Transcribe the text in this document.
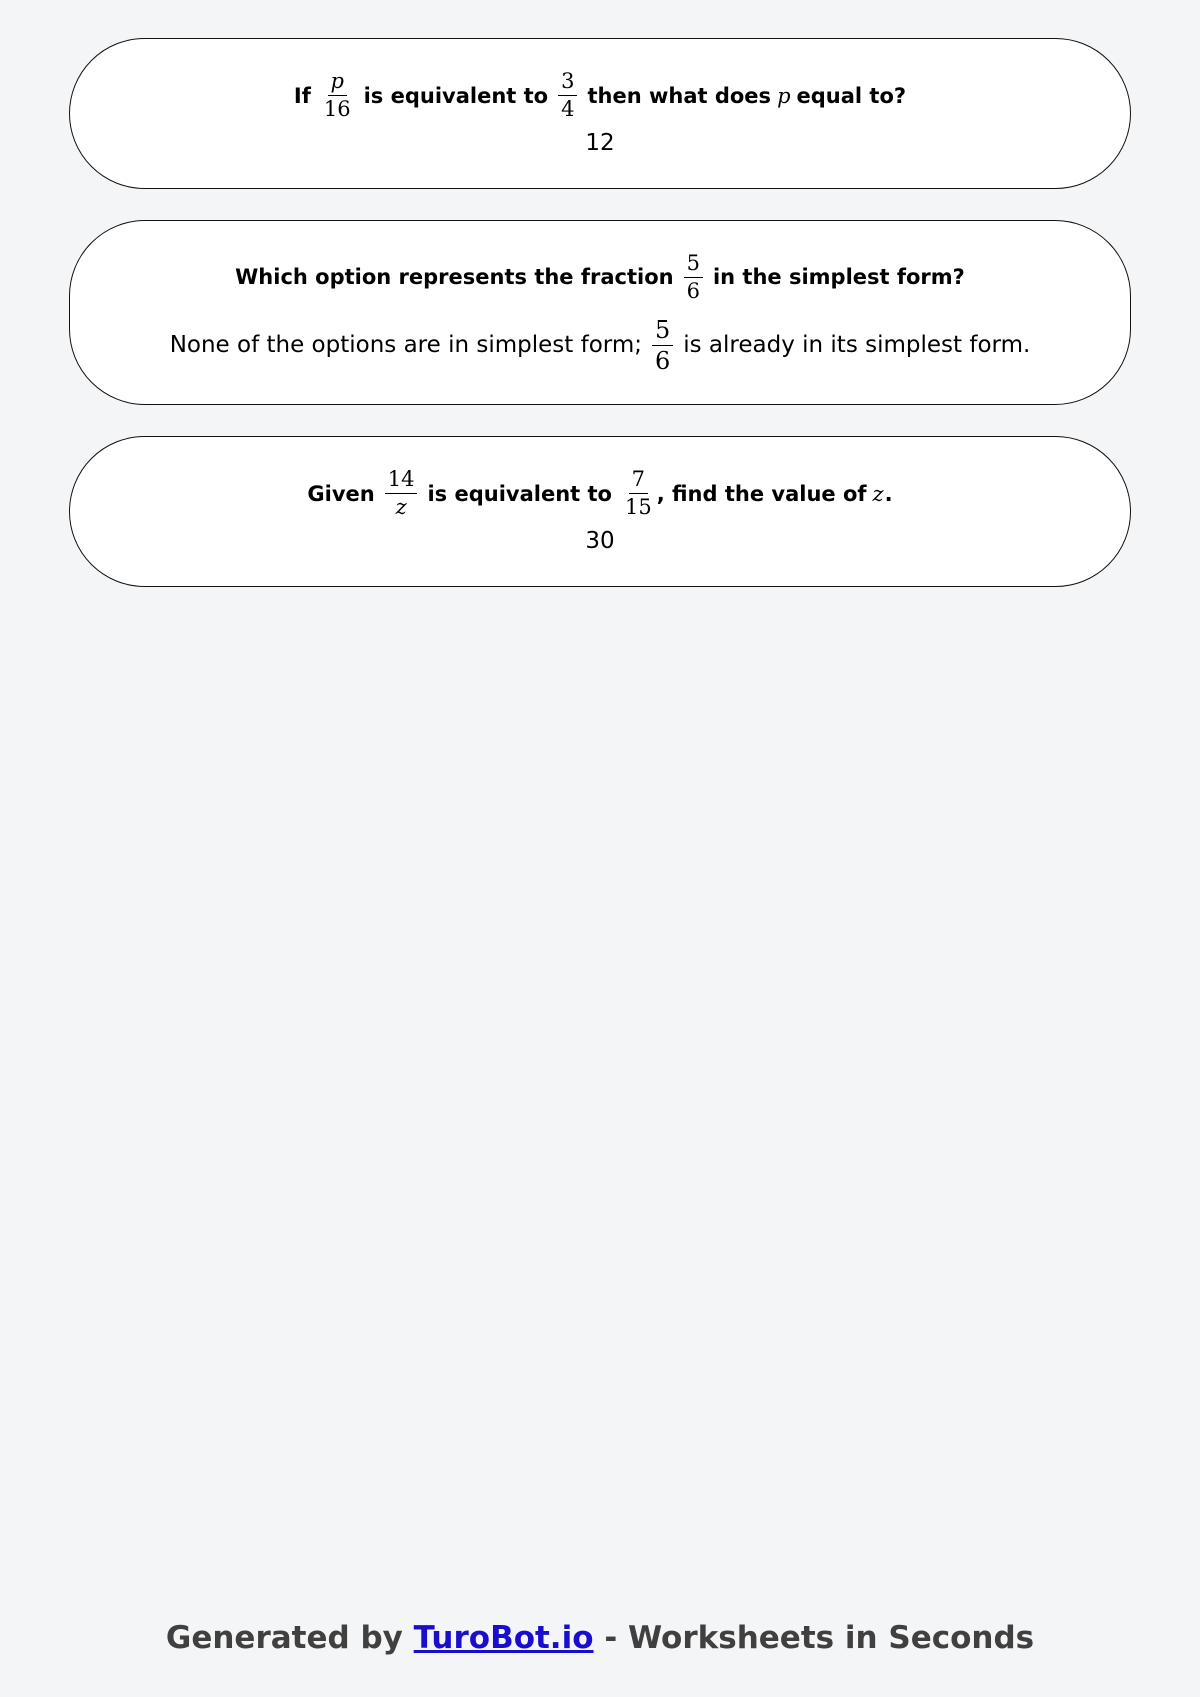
If $\frac{p}{16}$ is equivalent to $\frac{3}{4}$ then what does p equal to?
12
Which option represents the fraction $\frac{5}{6}$ in the simplest form?
None of the options are in simplest form; $\frac{5}{6}$ is already in its simplest form.
Given $\frac{14}{z}$ is equivalent to $\frac{7}{15}$ , find the value of z .
30
Generated by TuroBot.io - Worksheets in Seconds
